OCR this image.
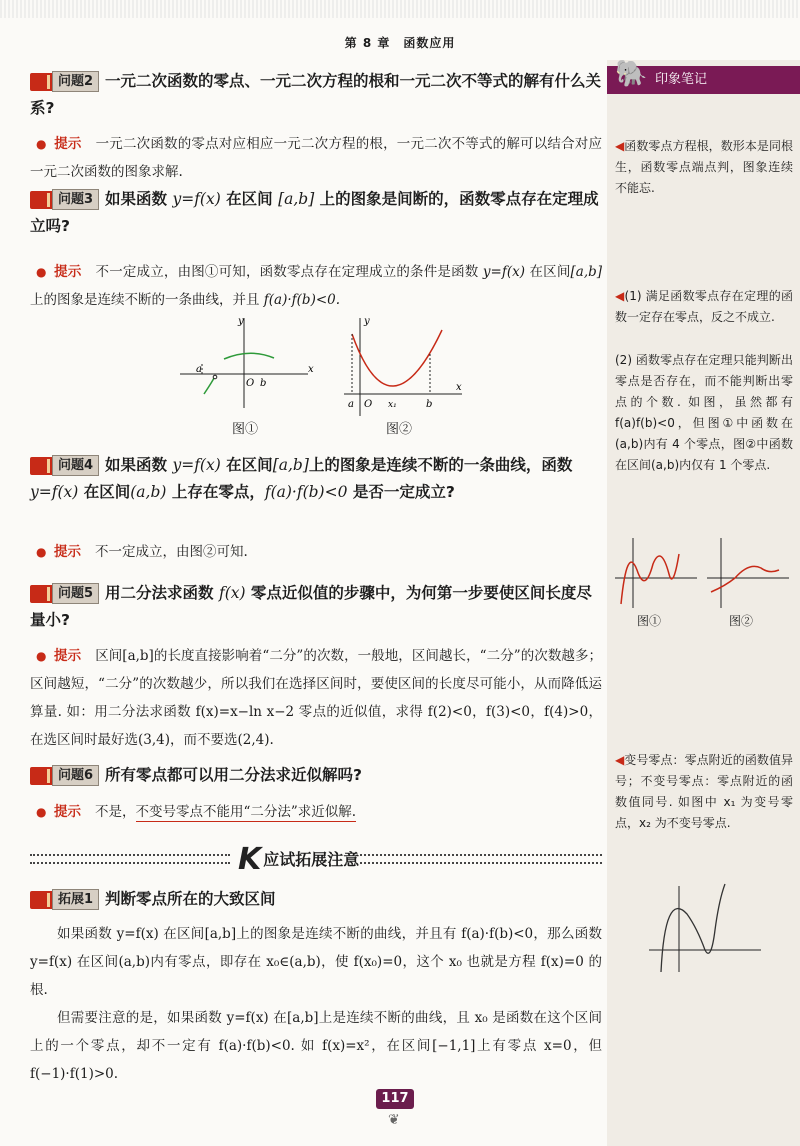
第 8 章　函数应用
问题2 一元二次函数的零点、一元二次方程的根和一元二次不等式的解有什么关系?
● 提示 一元二次函数的零点对应相应一元二次方程的根，一元二次不等式的解可以结合对应一元二次函数的图象求解.
问题3 如果函数 y=f(x) 在区间 [a,b] 上的图象是间断的，函数零点存在定理成立吗?
● 提示 不一定成立，由图①可知，函数零点存在定理成立的条件是函数 y=f(x) 在区间[a,b]上的图象是连续不断的一条曲线，并且 f(a)·f(b)<0.
y
x
a
O b
y
x
a O x₁	b
图①	图②
问题4 如果函数 y=f(x) 在区间[a,b]上的图象是连续不断的一条曲线，函数 y=f(x) 在区间(a,b) 上存在零点，f(a)·f(b)<0 是否一定成立?
● 提示 不一定成立，由图②可知.
问题5 用二分法求函数 f(x) 零点近似值的步骤中，为何第一步要使区间长度尽量小?
● 提示 区间[a,b]的长度直接影响着“二分”的次数，一般地，区间越长，“二分”的次数越多；区间越短，“二分”的次数越少，所以我们在选择区间时，要使区间的长度尽可能小，从而降低运算量. 如：用二分法求函数 f(x)=x−ln x−2 零点的近似值，求得 f(2)<0，f(3)<0，f(4)>0，在选区间时最好选(3,4)，而不要选(2,4).
问题6 所有零点都可以用二分法求近似解吗?
● 提示 不是，不变号零点不能用“二分法”求近似解.
K应试拓展注意
拓展1 判断零点所在的大致区间
如果函数 y=f(x) 在区间[a,b]上的图象是连续不断的曲线，并且有 f(a)·f(b)<0，那么函数 y=f(x) 在区间(a,b)内有零点，即存在 x₀∈(a,b)，使 f(x₀)=0，这个 x₀ 也就是方程 f(x)=0 的根.
但需要注意的是，如果函数 y=f(x) 在[a,b]上是连续不断的曲线，且 x₀ 是函数在这个区间上的一个零点，却不一定有 f(a)·f(b)<0. 如 f(x)=x²，在区间[−1,1]上有零点 x=0，但 f(−1)·f(1)>0.
🐘 印象笔记
◀函数零点方程根，数形本是同根生，函数零点端点判，图象连续不能忘.
◀(1) 满足函数零点存在定理的函数一定存在零点，反之不成立.
(2) 函数零点存在定理只能判断出零点是否存在，而不能判断出零点的个数. 如图，虽然都有 f(a)f(b)<0，但图①中函数在(a,b)内有 4 个零点，图②中函数在区间(a,b)内仅有 1 个零点.
图①	图②
◀变号零点：零点附近的函数值异号；不变号零点：零点附近的函数值同号. 如图中 x₁ 为变号零点，x₂ 为不变号零点.
117
❦
